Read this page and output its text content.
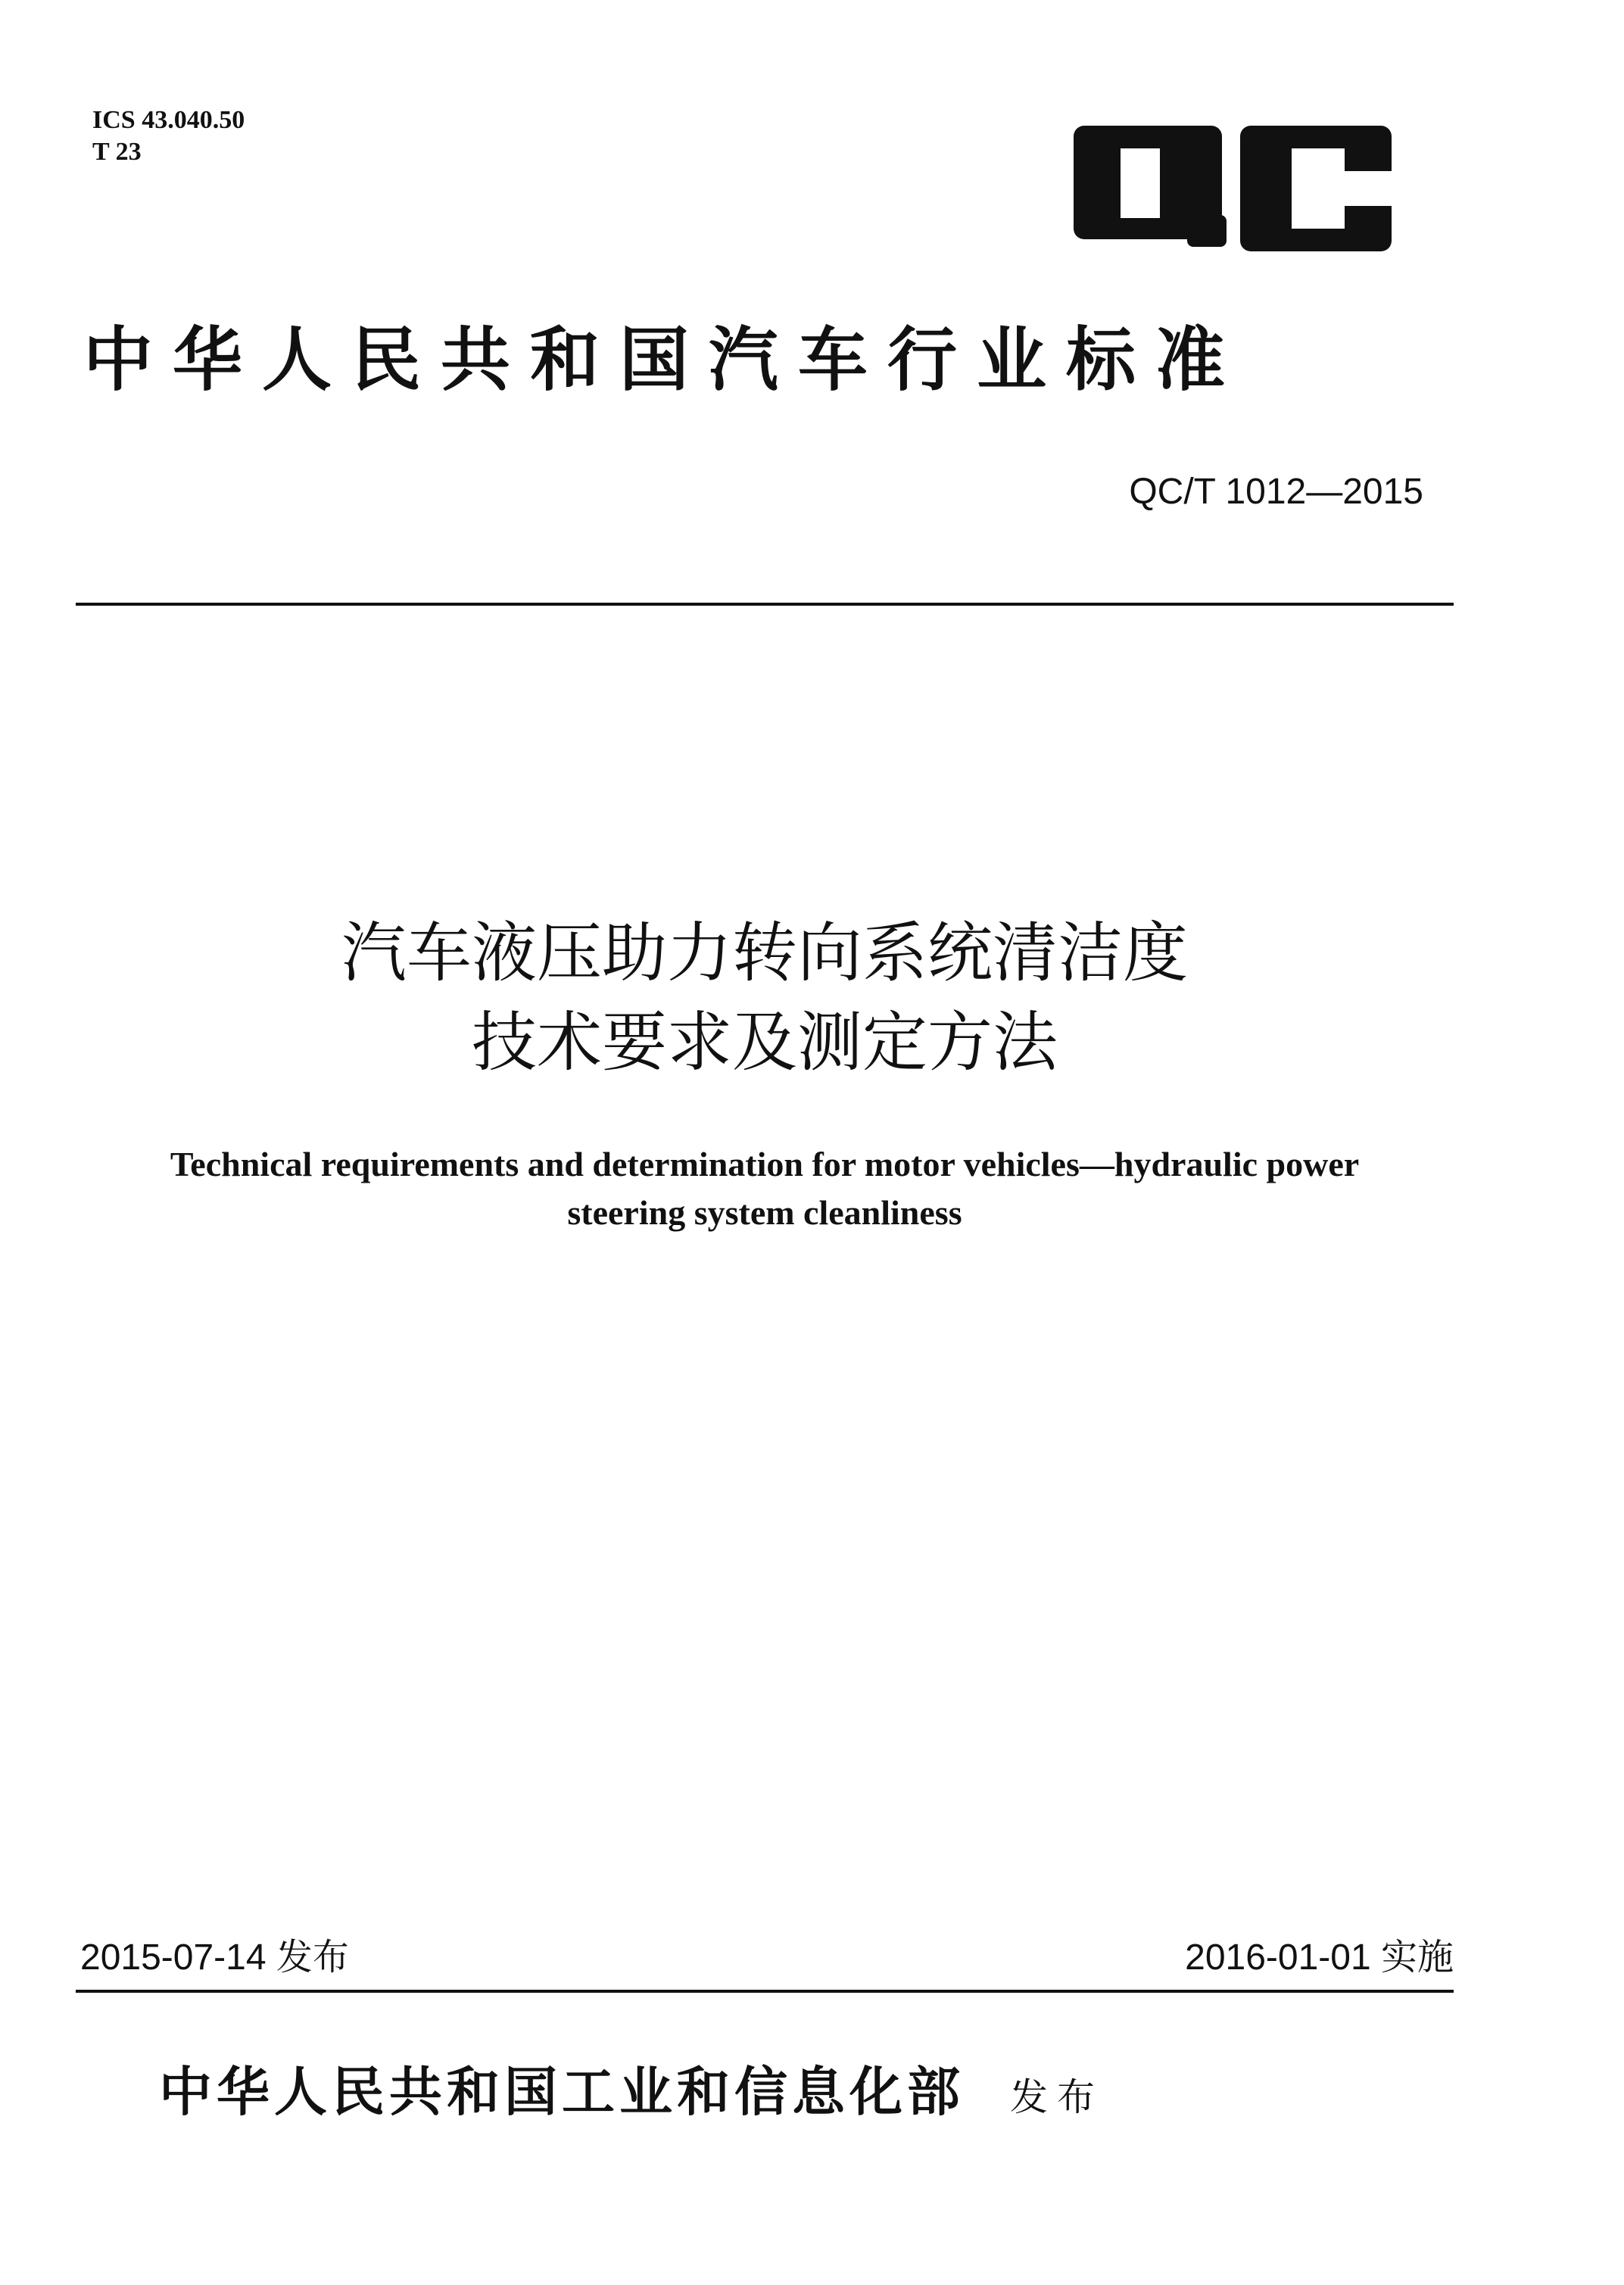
ICS 43.040.50
T 23
中华人民共和国汽车行业标准
QC/T 1012—2015
汽车液压助力转向系统清洁度
技术要求及测定方法
Technical requirements and determination for motor vehicles—hydraulic power
steering system cleanliness
2015-07-14 发布	2016-01-01 实施
中华人民共和国工业和信息化部 发布
